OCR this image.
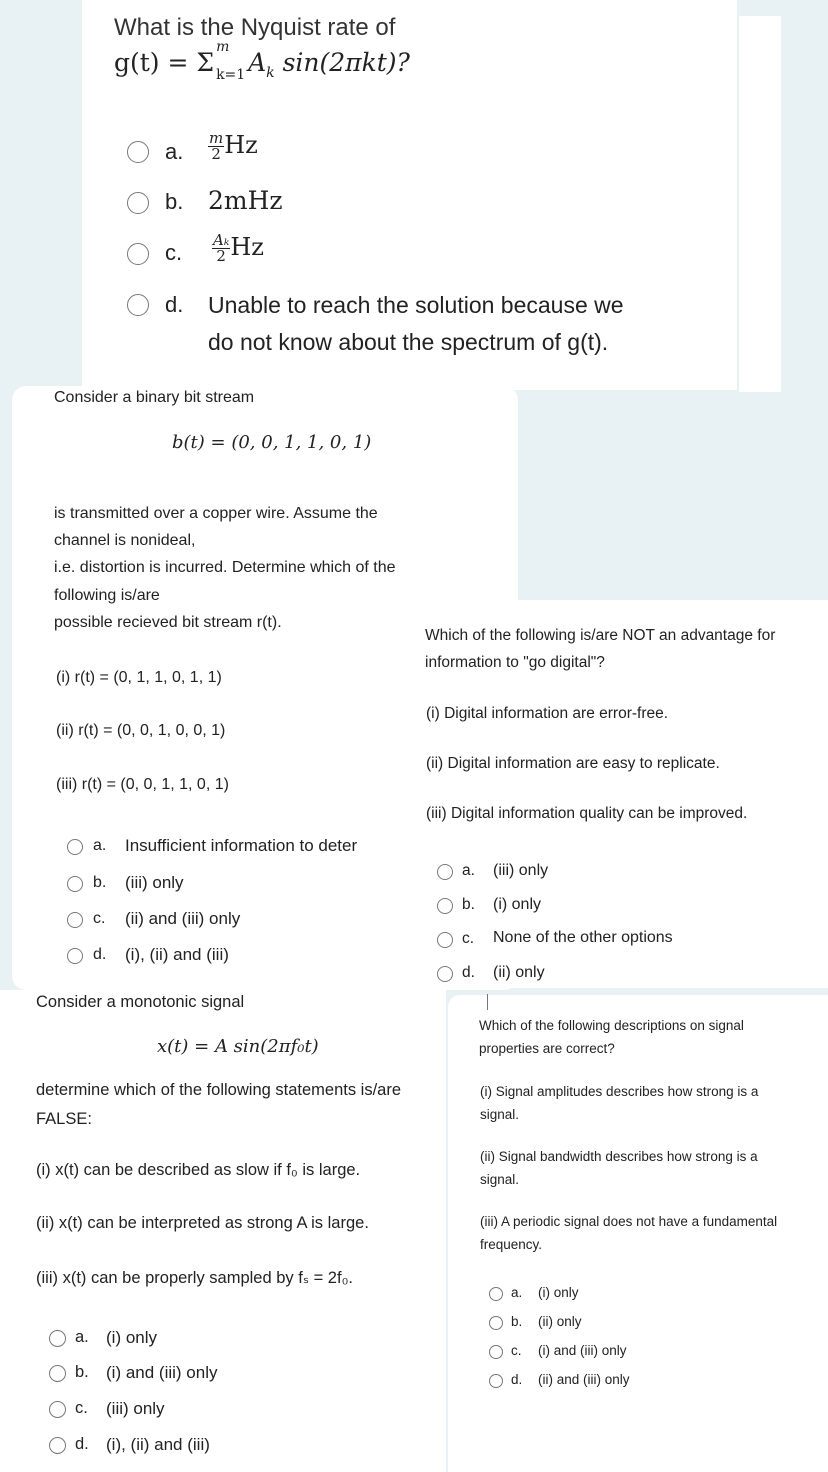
What is the Nyquist rate of
g(t) = Σ
m
k=1 $A_k$ sin(2πkt)?
a. $\frac{m}{2}$ Hz
b. 2mHz
c. $\frac{\text{Aₖ}}{2}$ Hz
d. Unable to reach the solution because we
do not know about the spectrum of g(t).
Consider a binary bit stream
b(t) = (0, 0, 1, 1, 0, 1)
is transmitted over a copper wire. Assume the
channel is nonideal,
i.e. distortion is incurred. Determine which of the
following is/are
possible recieved bit stream r(t).
(i) r(t) = (0, 1, 1, 0, 1, 1)
(ii) r(t) = (0, 0, 1, 0, 0, 1)
(iii) r(t) = (0, 0, 1, 1, 0, 1)
a. Insufficient information to deter
b. (iii) only
c. (ii) and (iii) only
d. (i), (ii) and (iii)
Which of the following is/are NOT an advantage for
information to "go digital"?
(i) Digital information are error-free.
(ii) Digital information are easy to replicate.
(iii) Digital information quality can be improved.
a. (iii) only
b. (i) only
c. None of the other options
d. (ii) only
Consider a monotonic signal
x(t) = A sin(2πf₀t)
determine which of the following statements is/are
FALSE:
(i) x(t) can be described as slow if f₀ is large.
(ii) x(t) can be interpreted as strong A is large.
(iii) x(t) can be properly sampled by fₛ = 2f₀.
a. (i) only
b. (i) and (iii) only
c. (iii) only
d. (i), (ii) and (iii)
Which of the following descriptions on signal
properties are correct?
(i) Signal amplitudes describes how strong is a
signal.
(ii) Signal bandwidth describes how strong is a
signal.
(iii) A periodic signal does not have a fundamental
frequency.
a. (i) only
b. (ii) only
c. (i) and (iii) only
d. (ii) and (iii) only
